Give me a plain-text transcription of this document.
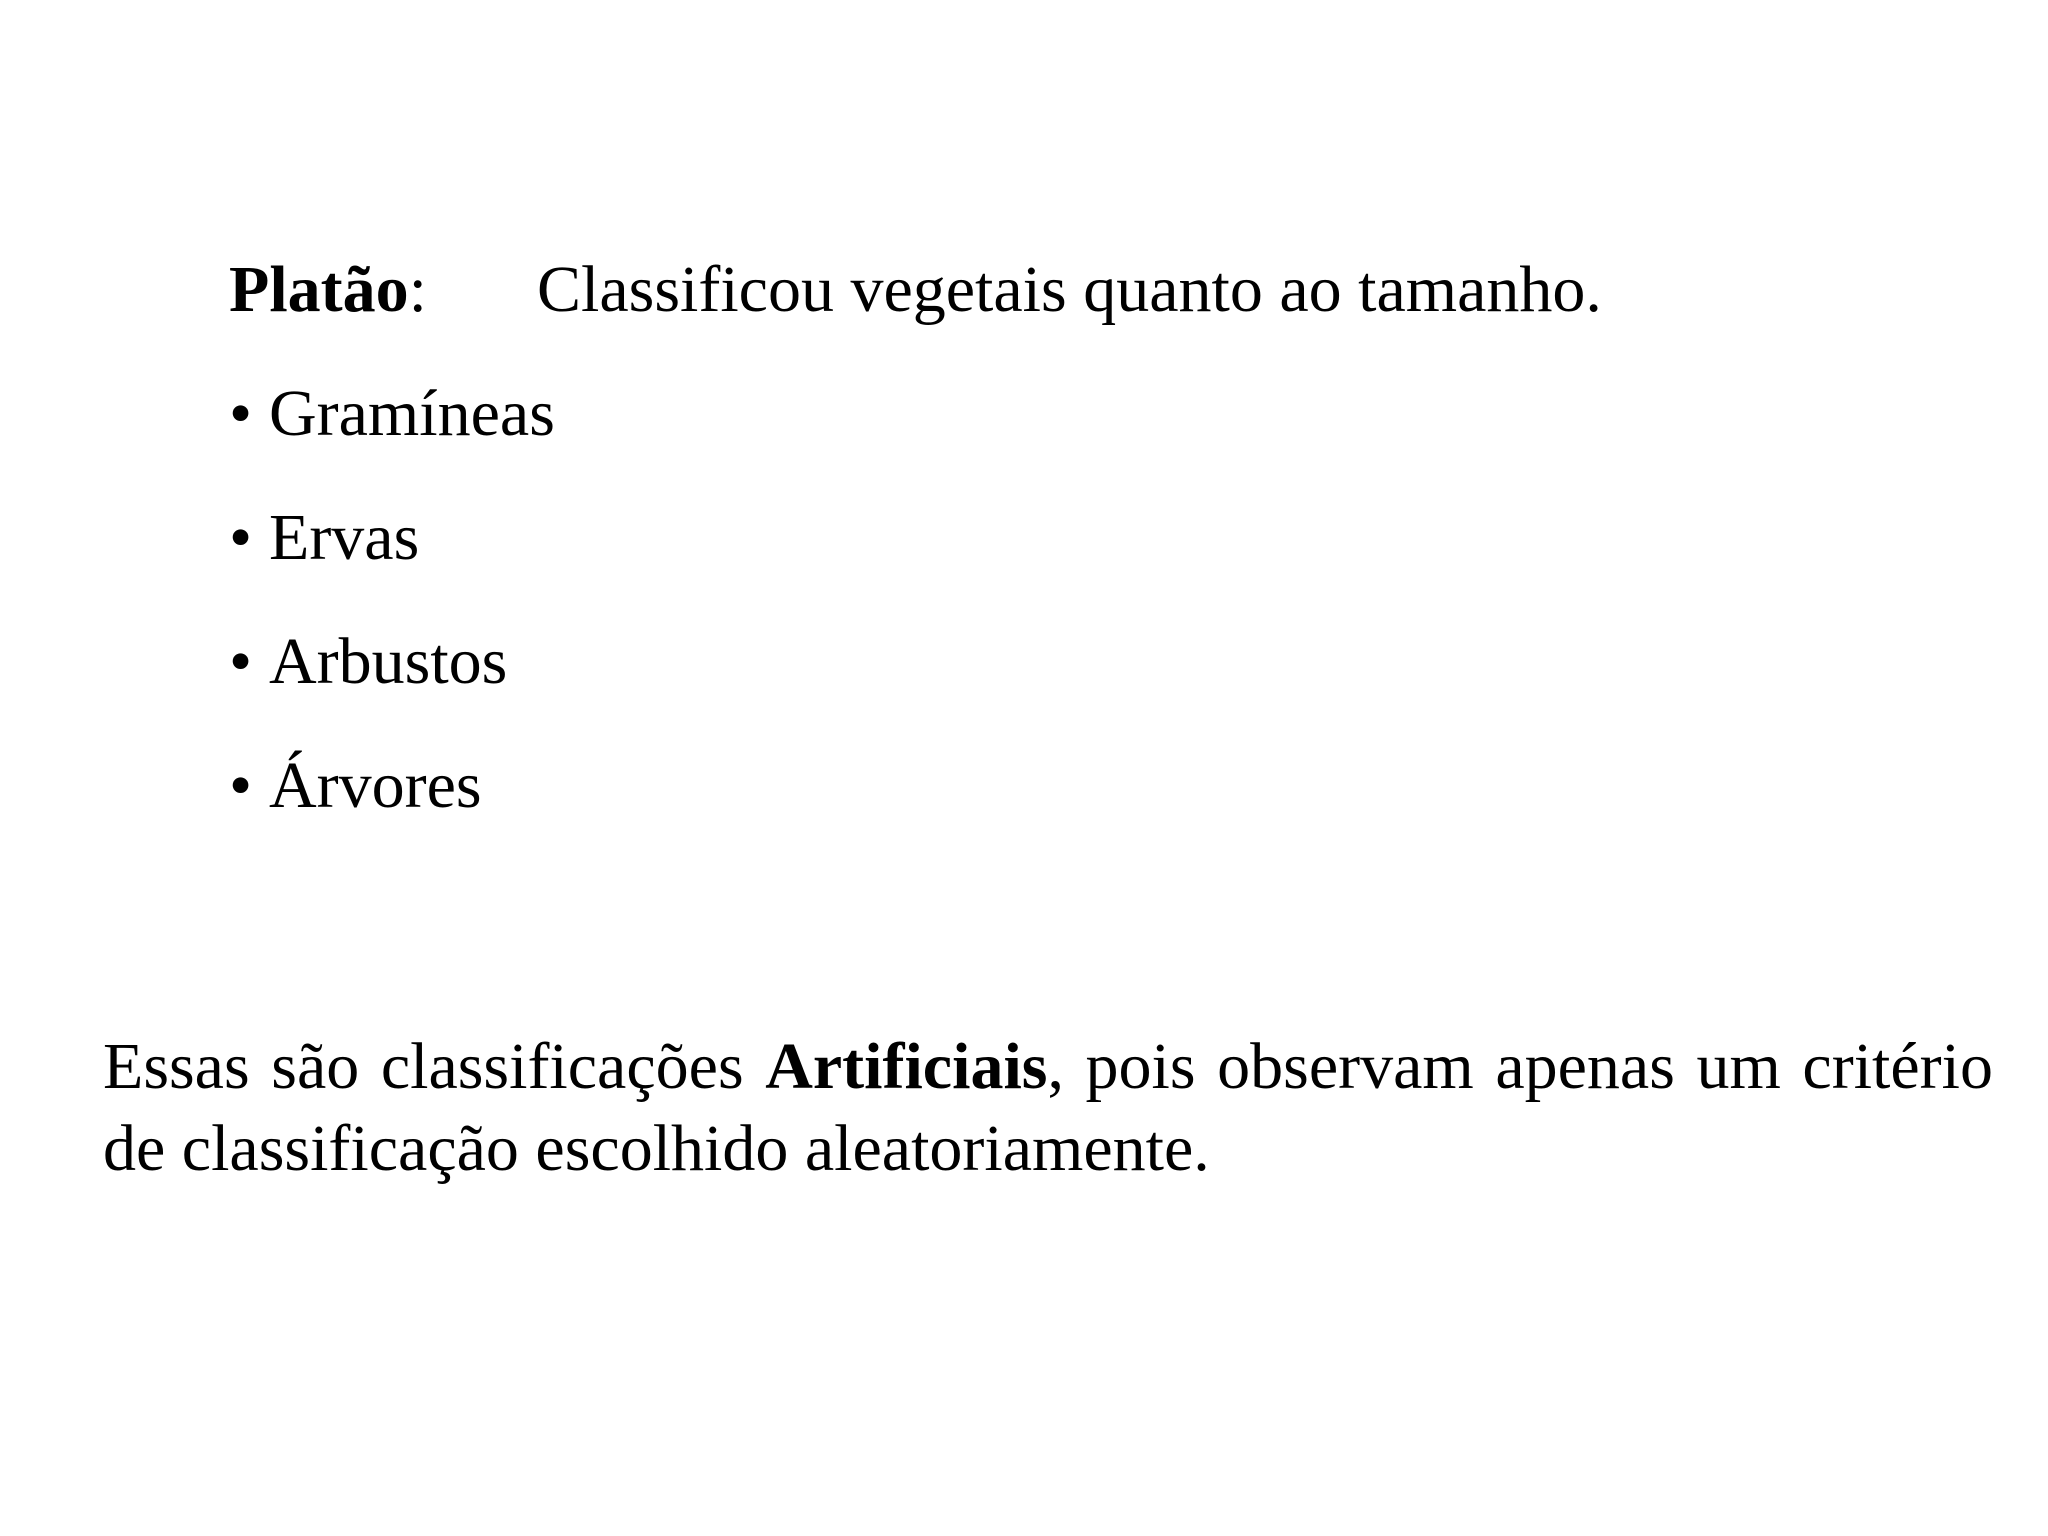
Platão: Classificou vegetais quanto ao tamanho.
• Gramíneas
• Ervas
• Arbustos
• Árvores

Essas são classificações Artificiais, pois observam apenas um critério de classificação escolhido aleatoriamente.
